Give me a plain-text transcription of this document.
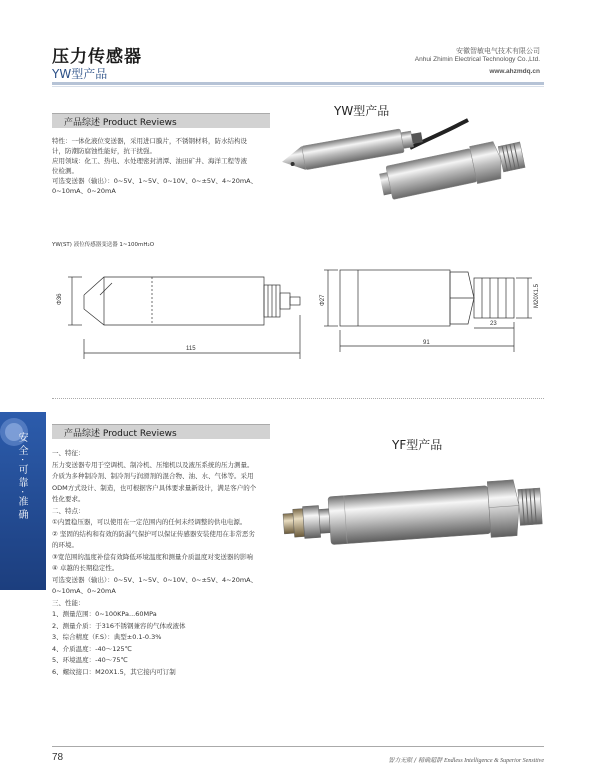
压力传感器
YW型产品
安徽智敏电气技术有限公司
Anhui Zhimin Electrical Technology Co.,Ltd.
www.ahzmdq.cn
产品综述 Product Reviews
YW型产品

特性：一体化液位变送器，采用进口膜片，不锈钢材料，防水结构设

计，防潮防腐蚀性能好，抗干扰强。

应用领域：化工、热电、水处理密封清潭、油田矿井、海洋工程等液

位检测。

可选变送器（输出）：0~5V、1~5V、0~10V、0~±5V、4~20mA、

0~10mA、0~20mA

YW(ST) 液位传感器变送器 1~100mH₂O
Φ36
115
Φ27
91
23
M20X1.5
安全·可靠·准确	产品综述 Product Reviews
YF型产品

一、特征：

压力变送器专用于空调机、制冷机、压缩机以及液压系统的压力测量。

介质为多种制冷剂、制冷剂与润滑剂的混合物、油、水、气体等。采用

ODM方式设计、制造，也可根据客户具体要求量新设计，满足客户的个

性化要求。

二、特点：

①内置稳压器，可以使用在一定范围内的任何未经调整的供电电源。

② 坚固的结构和有效的防漏气保护可以保证传感器安装使用在非常恶劣

的环境。

③宽范围的温度补偿有效降低环境温度和测量介质温度对变送器的影响

④ 卓越的长期稳定性。

可选变送器（输出）：0~5V、1~5V、0~10V、0~±5V、4~20mA、

0~10mA、0~20mA

三、性能：

1、测量范围：0~100KPa...60MPa

2、测量介质：于316不锈钢兼容的气体或液体

3、综合精度（F.S）：典型±0.1-0.3%

4、介质温度：-40～125℃

5、环境温度：-40～75℃

6、螺纹接口：M20X1.5，其它接内可订制

78	智力无限 / 精确超群 Endless Intelligence & Superior Sensitive
